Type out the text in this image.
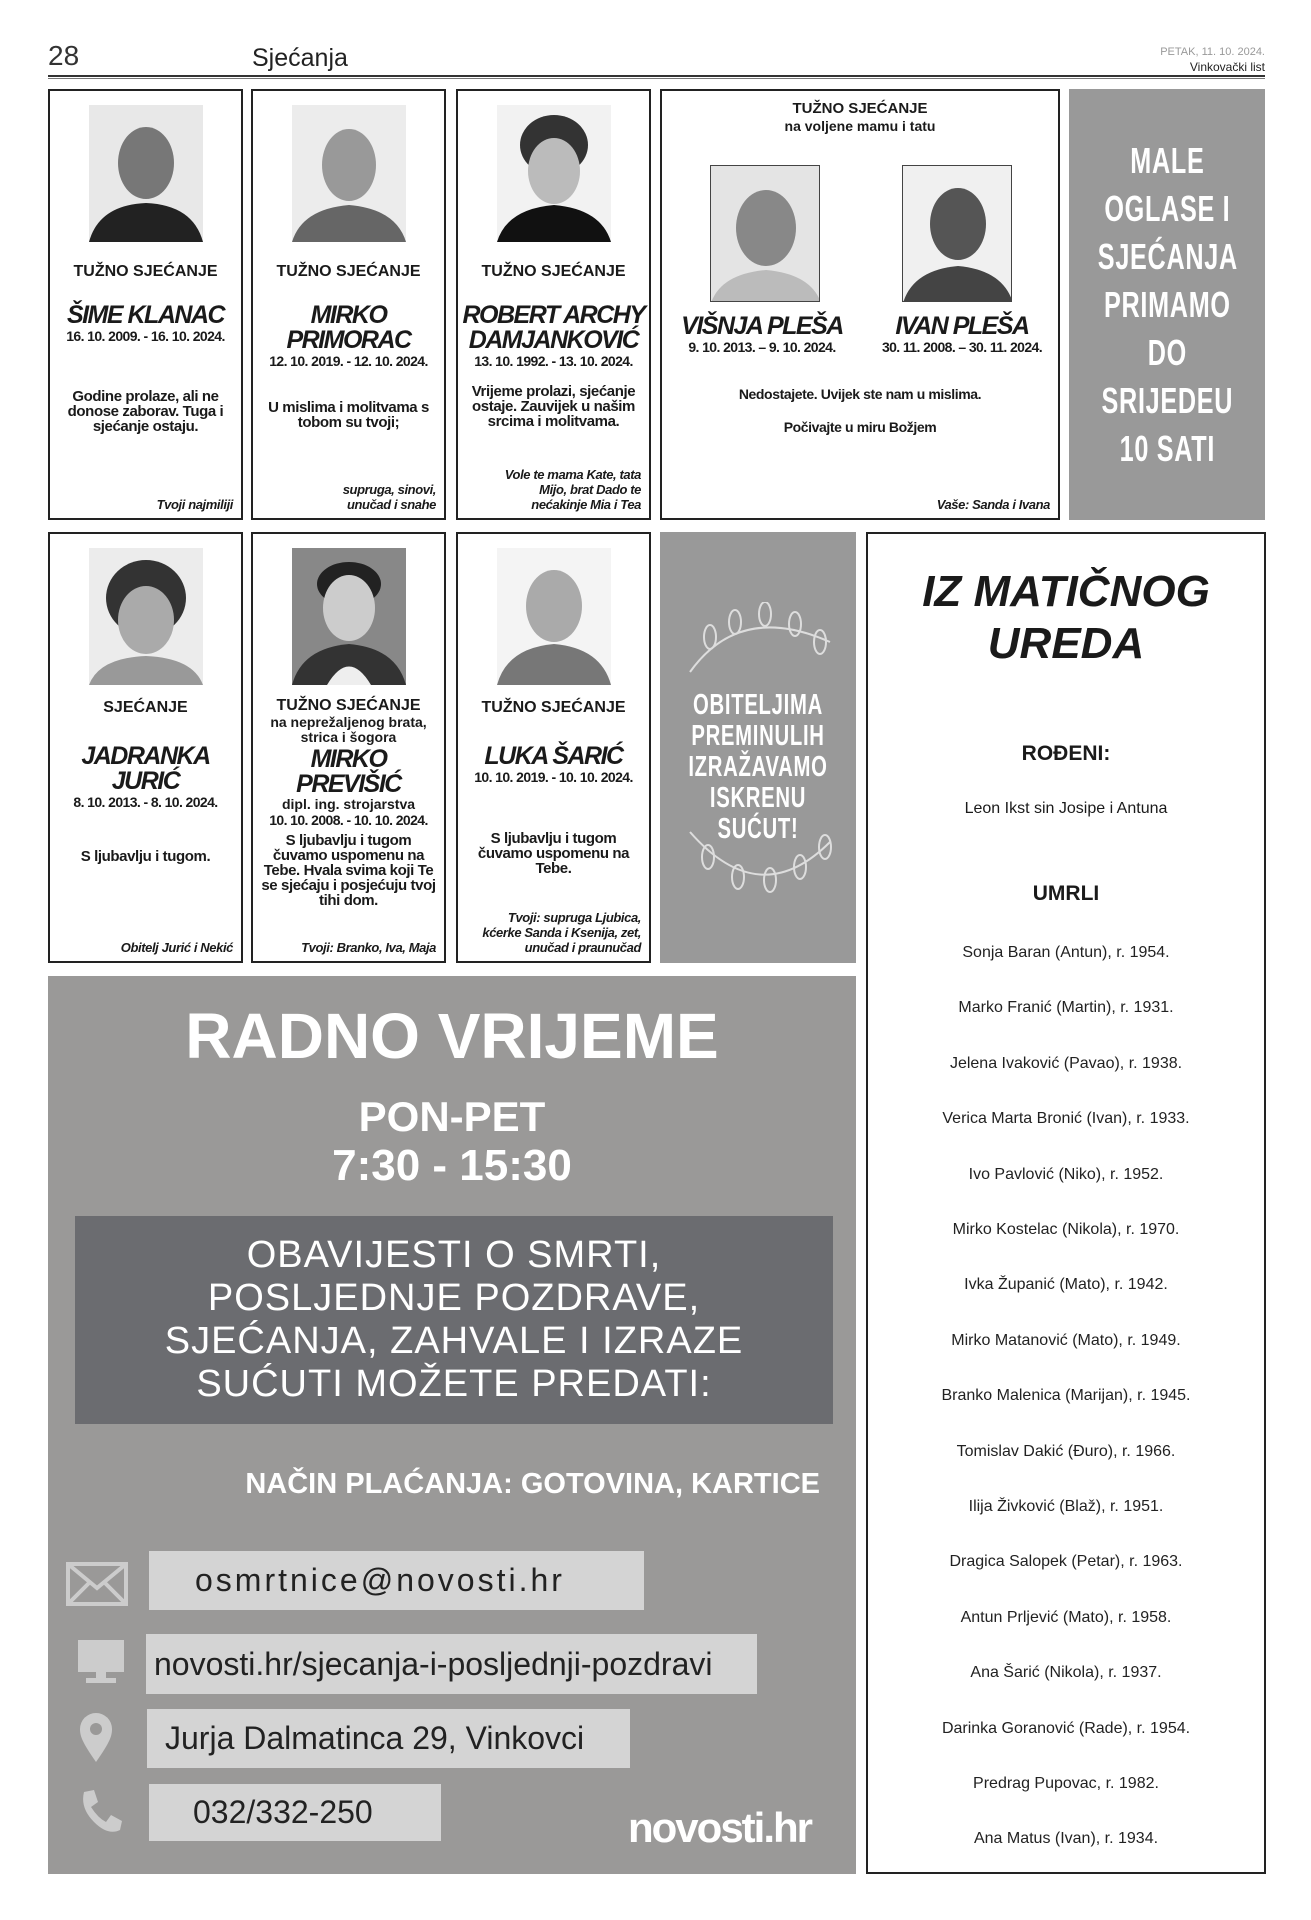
28	Sjećanja	PETAK, 11. 10. 2024.
Vinkovački list
TUŽNO SJEĆANJE
ŠIME KLANAC
16. 10. 2009. - 16. 10. 2024.
Godine prolaze, ali ne donose zaborav. Tuga i sjećanje ostaju.
Tvoji najmiliji
TUŽNO SJEĆANJE
MIRKO PRIMORAC
12. 10. 2019. - 12. 10. 2024.
U mislima i molitvama s tobom su tvoji;
supruga, sinovi, unučad i snahe
TUŽNO SJEĆANJE
ROBERT ARCHY DAMJANKOVIĆ
13. 10. 1992. - 13. 10. 2024.
Vrijeme prolazi, sjećanje ostaje. Zauvijek u našim srcima i molitvama.
Vole te mama Kate, tata Mijo, brat Dado te nećakinje Mia i Tea
TUŽNO SJEĆANJE
na voljene mamu i tatu
VIŠNJA PLEŠA
9. 10. 2013. – 9. 10. 2024.
IVAN PLEŠA
30. 11. 2008. – 30. 11. 2024.
Nedostajete. Uvijek ste nam u mislima.
Počivajte u miru Božjem
Vaše: Sanda i Ivana
MALE OGLASE I SJEĆANJA PRIMAMO DO SRIJEDEU 10 SATI
SJEĆANJE
JADRANKA JURIĆ
8. 10. 2013. - 8. 10. 2024.
S ljubavlju i tugom.
Obitelj Jurić i Nekić
TUŽNO SJEĆANJE
na neprežaljenog brata, strica i šogora
MIRKO PREVIŠIĆ
dipl. ing. strojarstva
10. 10. 2008. - 10. 10. 2024.
S ljubavlju i tugom čuvamo uspomenu na Tebe. Hvala svima koji Te se sjećaju i posjećuju tvoj tihi dom.
Tvoji: Branko, Iva, Maja
TUŽNO SJEĆANJE
LUKA ŠARIĆ
10. 10. 2019. - 10. 10. 2024.
S ljubavlju i tugom čuvamo uspomenu na Tebe.
Tvoji: supruga Ljubica, kćerke Sanda i Ksenija, zet, unučad i praunučad
OBITELJIMA PREMINULIH IZRAŽAVAMO ISKRENU SUĆUT!
IZ MATIČNOG UREDA
ROĐENI:
Leon Ikst sin Josipe i Antuna
UMRLI
Sonja Baran (Antun), r. 1954.
Marko Franić (Martin), r. 1931.
Jelena Ivaković (Pavao), r. 1938.
Verica Marta Bronić (Ivan), r. 1933.
Ivo Pavlović (Niko), r. 1952.
Mirko Kostelac (Nikola), r. 1970.
Ivka Županić (Mato), r. 1942.
Mirko Matanović (Mato), r. 1949.
Branko Malenica (Marijan), r. 1945.
Tomislav Dakić (Đuro), r. 1966.
Ilija Živković (Blaž), r. 1951.
Dragica Salopek (Petar), r. 1963.
Antun Prljević (Mato), r. 1958.
Ana Šarić (Nikola), r. 1937.
Darinka Goranović (Rade), r. 1954.
Predrag Pupovac, r. 1982.
Ana Matus (Ivan), r. 1934.
RADNO VRIJEME
PON-PET
7:30 - 15:30
OBAVIJESTI O SMRTI, POSLJEDNJE POZDRAVE, SJEĆANJA, ZAHVALE I IZRAZE SUĆUTI MOŽETE PREDATI:
NAČIN PLAĆANJA: GOTOVINA, KARTICE
osmrtnice@novosti.hr
novosti.hr/sjecanja-i-posljednji-pozdravi
Jurja Dalmatinca 29, Vinkovci
032/332-250	novosti.hr
